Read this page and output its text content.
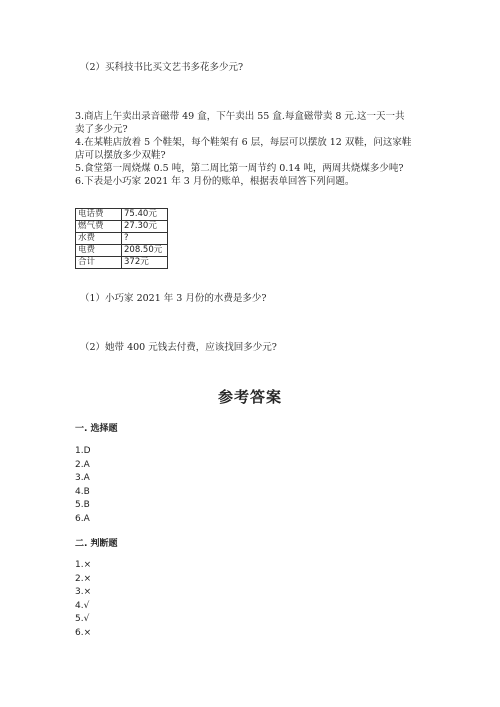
（2）买科技书比买文艺书多花多少元?
3.商店上午卖出录音磁带 49 盒，下午卖出 55 盒.每盒磁带卖 8 元.这一天一共
卖了多少元?
4.在某鞋店放着 5 个鞋架，每个鞋架有 6 层，每层可以摆放 12 双鞋，问这家鞋
店可以摆放多少双鞋?
5.食堂第一周烧煤 0.5 吨，第二周比第一周节约 0.14 吨，两周共烧煤多少吨?
6.下表是小巧家 2021 年 3 月份的账单，根据表单回答下列问题。
电话费	75.40元
燃气费	27.30元
水费	?
电费	208.50元
合计	372元
（1）小巧家 2021 年 3 月份的水费是多少?
（2）她带 400 元钱去付费，应该找回多少元?
参考答案
一. 选择题
1.D
2.A
3.A
4.B
5.B
6.A
二. 判断题
1.×
2.×
3.×
4.√
5.√
6.×
